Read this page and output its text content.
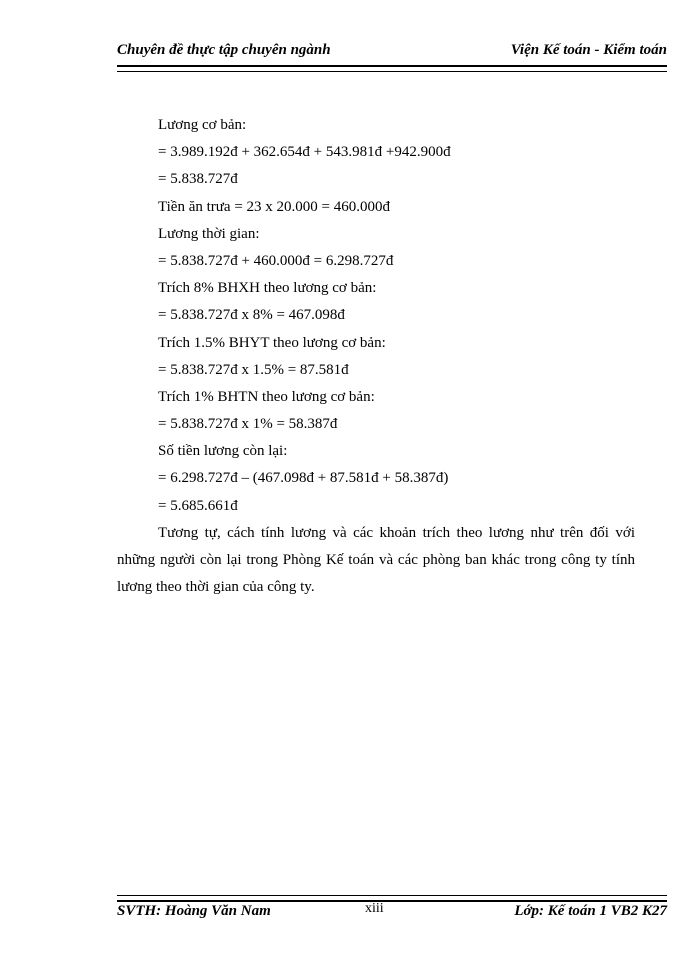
Chuyên đề thực tập chuyên ngành	Viện Kế toán - Kiểm toán
Lương cơ bản:
= 3.989.192đ + 362.654đ + 543.981đ +942.900đ
= 5.838.727đ
Tiền ăn trưa = 23 x 20.000 = 460.000đ
Lương thời gian:
= 5.838.727đ + 460.000đ = 6.298.727đ
Trích 8% BHXH theo lương cơ bản:
= 5.838.727đ x 8% = 467.098đ
Trích 1.5% BHYT theo lương cơ bản:
= 5.838.727đ x 1.5% = 87.581đ
Trích 1% BHTN theo lương cơ bản:
= 5.838.727đ x 1% = 58.387đ
Số tiền lương còn lại:
= 6.298.727đ – (467.098đ + 87.581đ + 58.387đ)
= 5.685.661đ

Tương tự, cách tính lương và các khoản trích theo lương như trên đối với những người còn lại trong Phòng Kế toán và các phòng ban khác trong công ty tính lương theo thời gian của công ty.

SVTH: Hoàng Văn Nam	xiii	Lớp: Kế toán 1 VB2 K27
